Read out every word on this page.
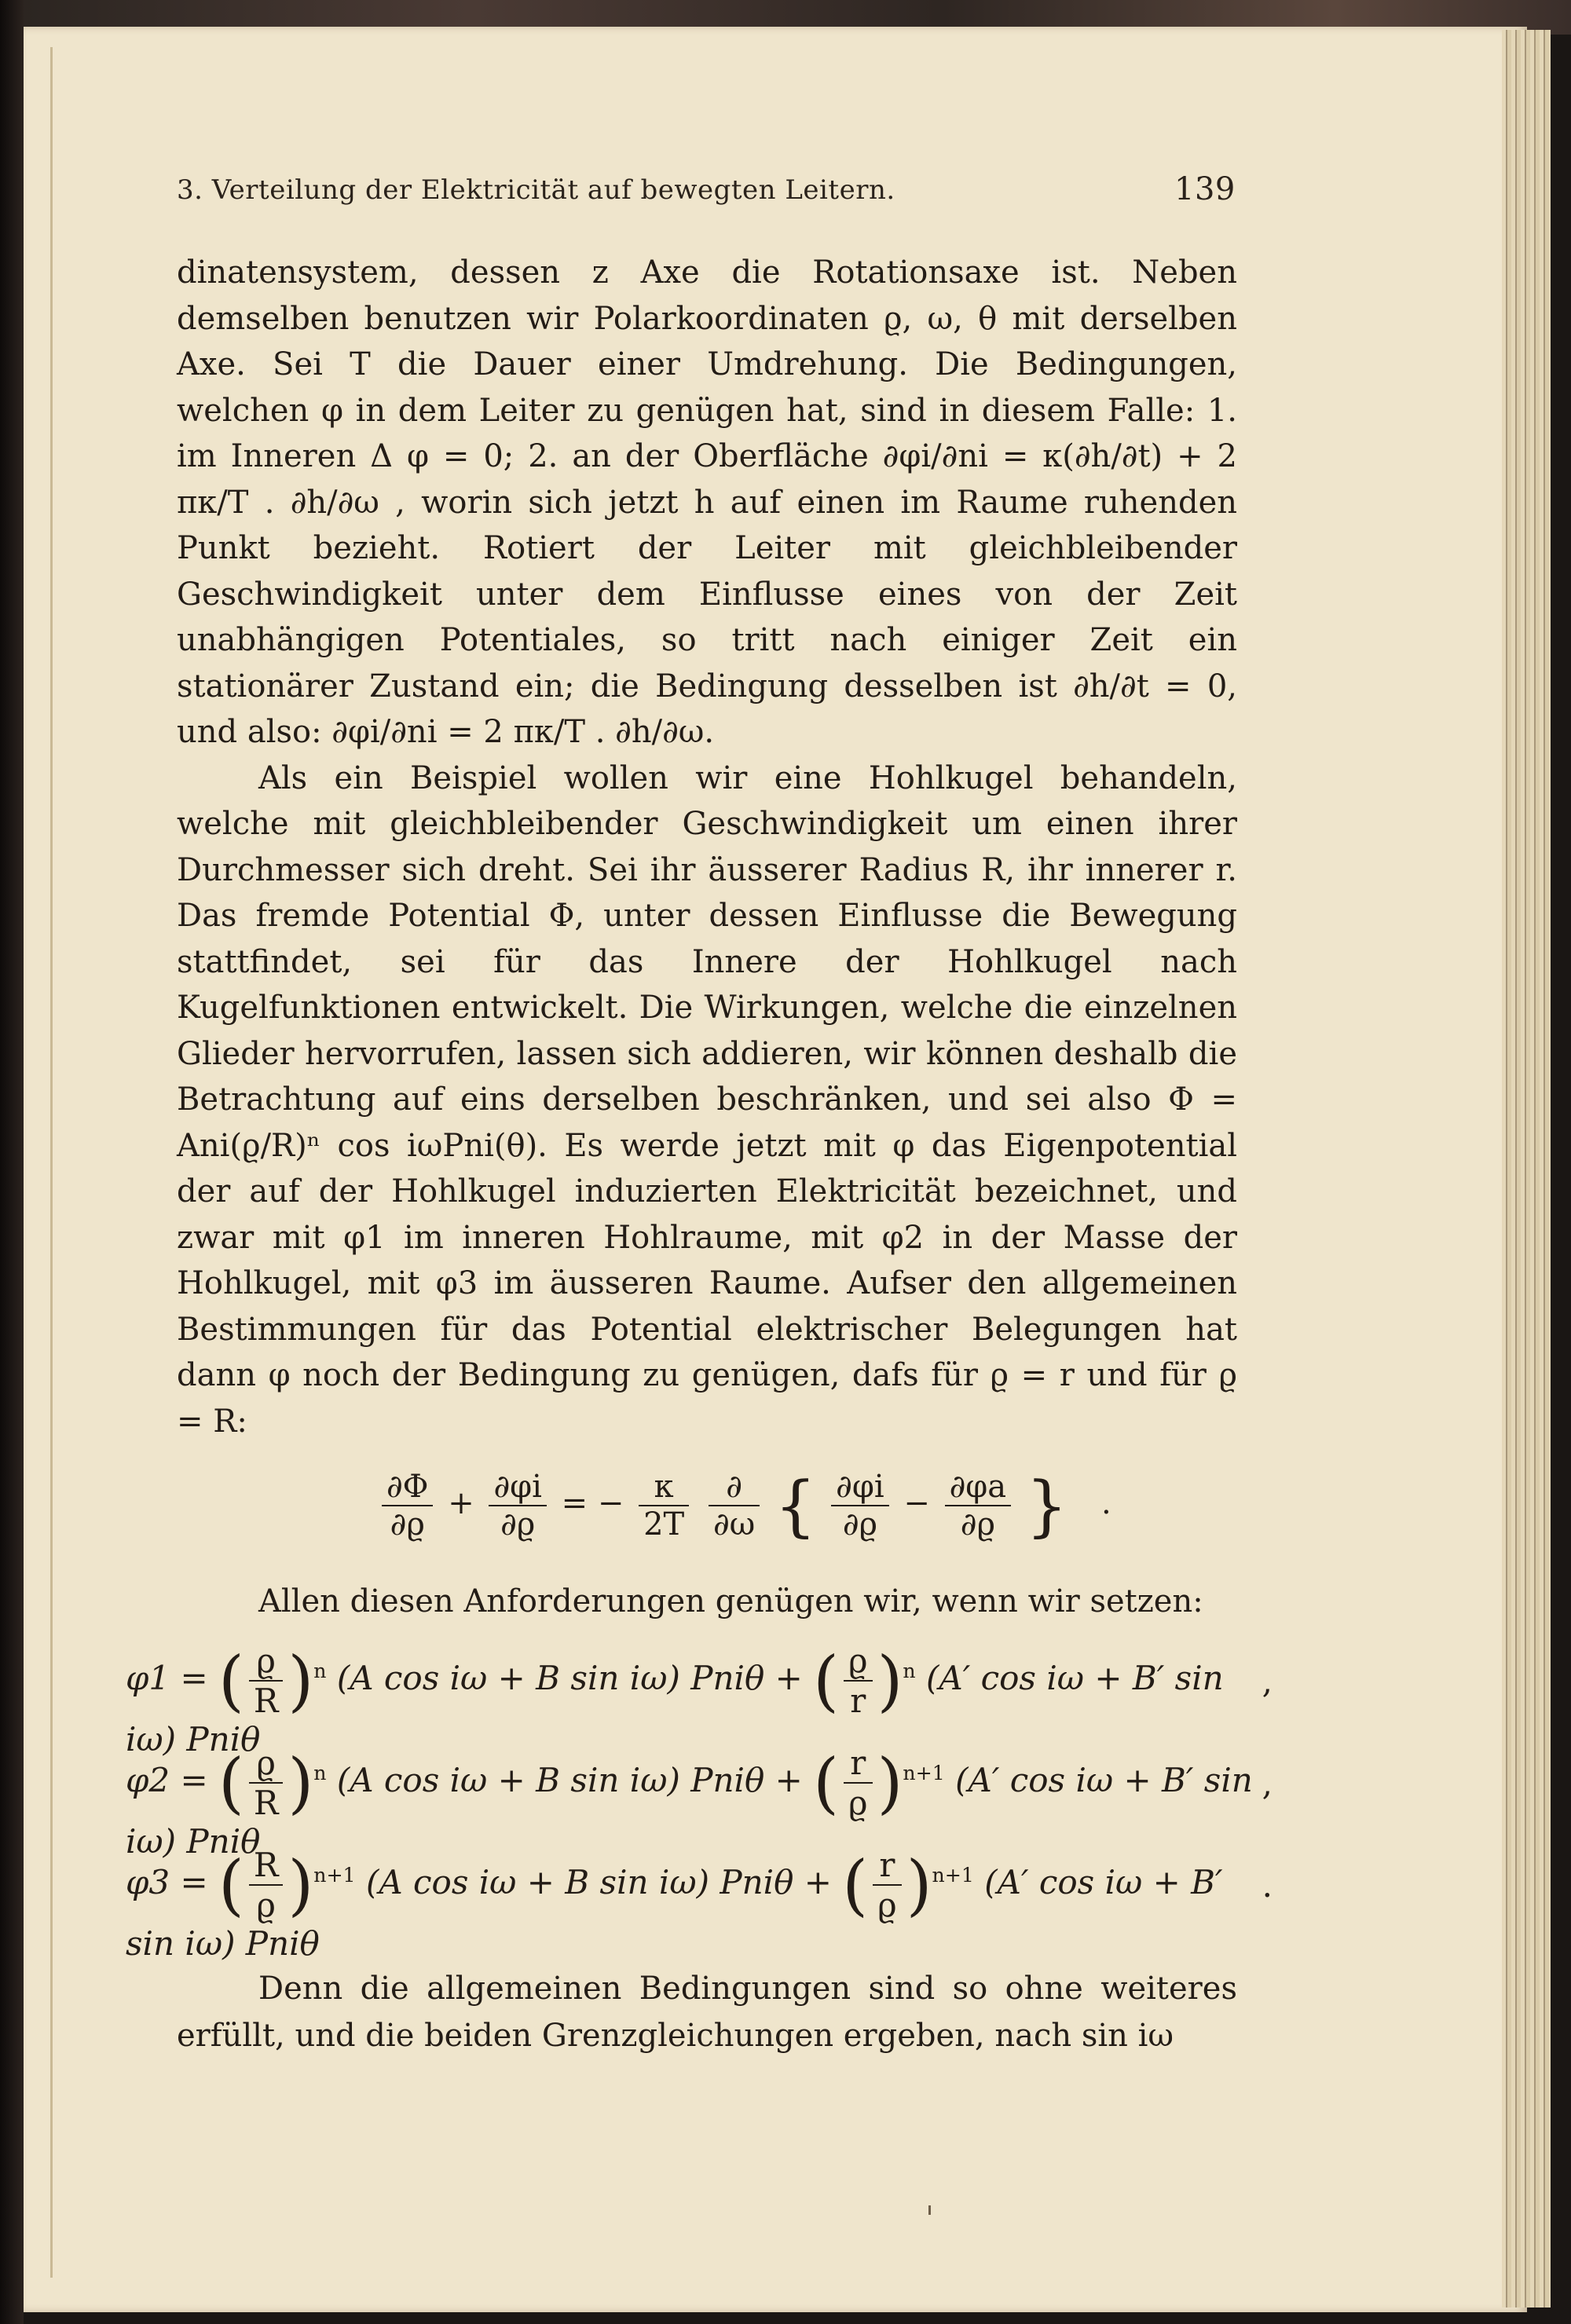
3. Verteilung der Elektricität auf bewegten Leitern.	139

dinatensystem, dessen z Axe die Rotationsaxe ist. Neben demselben benutzen wir Polarkoordinaten ϱ, ω, θ mit derselben Axe. Sei T die Dauer einer Umdrehung. Die Bedingungen, welchen φ in dem Leiter zu genügen hat, sind in diesem Falle: 1. im Inneren Δ φ = 0; 2. an der Oberfläche ∂φi/∂ni = κ(∂h/∂t) + 2 πκ/T . ∂h/∂ω , worin sich jetzt h auf einen im Raume ruhenden Punkt bezieht. Rotiert der Leiter mit gleichbleibender Geschwindigkeit unter dem Einflusse eines von der Zeit unabhängigen Potentiales, so tritt nach einiger Zeit ein stationärer Zustand ein; die Bedingung desselben ist ∂h/∂t = 0, und also: ∂φi/∂ni = 2 πκ/T . ∂h/∂ω.

Als ein Beispiel wollen wir eine Hohlkugel behandeln, welche mit gleichbleibender Geschwindigkeit um einen ihrer Durchmesser sich dreht. Sei ihr äusserer Radius R, ihr innerer r. Das fremde Potential Φ, unter dessen Einflusse die Bewegung stattfindet, sei für das Innere der Hohlkugel nach Kugelfunktionen entwickelt. Die Wirkungen, welche die einzelnen Glieder hervorrufen, lassen sich addieren, wir können deshalb die Betrachtung auf eins derselben beschränken, und sei also Φ = Ani(ϱ/R)ⁿ cos iωPni(θ). Es werde jetzt mit φ das Eigenpotential der auf der Hohlkugel induzierten Elektricität bezeichnet, und zwar mit φ1 im inneren Hohlraume, mit φ2 in der Masse der Hohlkugel, mit φ3 im äusseren Raume. Aufser den allgemeinen Bestimmungen für das Potential elektrischer Belegungen hat dann φ noch der Bedingung zu genügen, dafs für ϱ = r und für ϱ = R:

$\frac{\partial\Phi}{\partial ϱ} + \frac{\partial\varphi i}{\partial ϱ}$ = − $\frac{\kappa}{2T}$
$\frac{\partial}{\partial\omega}$ { $\frac{\partial\varphi i}{\partial ϱ} - \frac{\partial\varphi a}{\partial ϱ}$ } .
Allen diesen Anforderungen genügen wir, wenn wir setzen:
φ1 = ( $\frac{ϱ}{R} )^n$ (A cos iω + B sin iω) Pniθ + ( $\frac{ϱ}{r} )^n$ (A′ cos iω + B′ sin iω) Pniθ
,
φ2 = ( $\frac{ϱ}{R} )^n$ (A cos iω + B sin iω) Pniθ + ( $\frac{r}{ϱ} )^{n+1}$ (A′ cos iω + B′ sin iω) Pniθ
,
φ3 = ( $\frac{R}{ϱ} )^{n+1}$ (A cos iω + B sin iω) Pniθ + ( $\frac{r}{ϱ} )^{n+1}$ (A′ cos iω + B′ sin iω) Pniθ
.
Denn die allgemeinen Bedingungen sind so ohne weiteres erfüllt, und die beiden Grenzgleichungen ergeben, nach sin iω
